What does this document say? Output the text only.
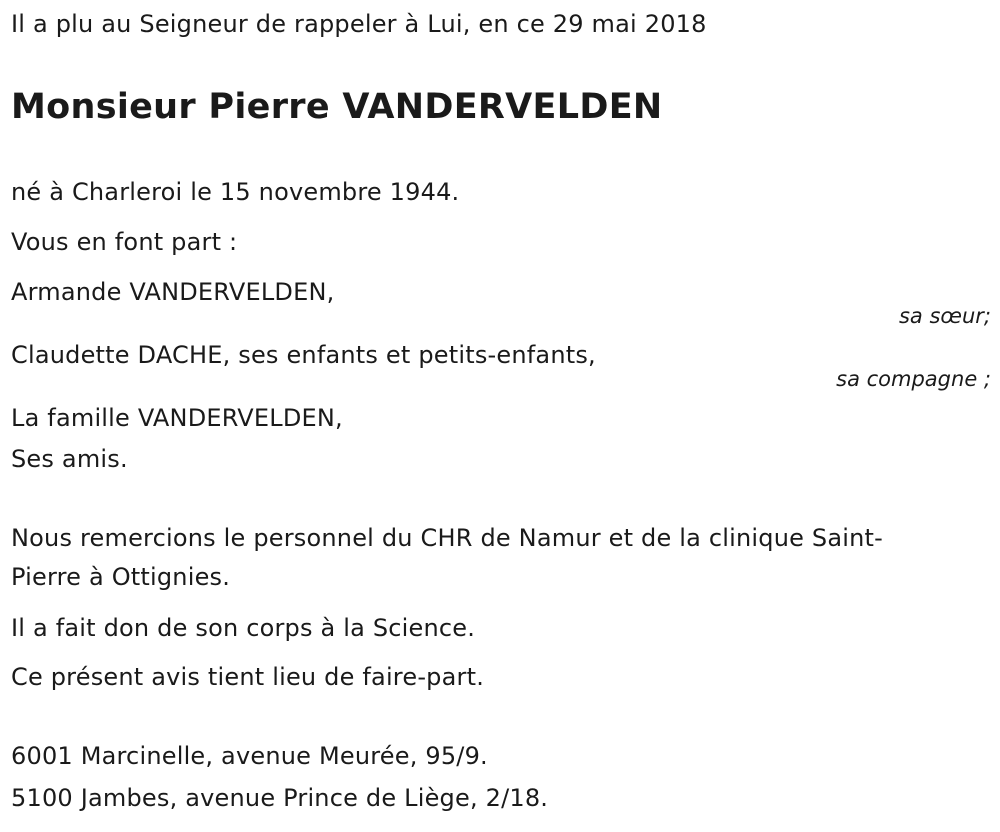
Il a plu au Seigneur de rappeler à Lui, en ce 29 mai 2018
Monsieur Pierre VANDERVELDEN
né à Charleroi le 15 novembre 1944.
Vous en font part :
Armande VANDERVELDEN,
sa sœur;
Claudette DACHE, ses enfants et petits-enfants,
sa compagne ;
La famille VANDERVELDEN,
Ses amis.
Nous remercions le personnel du CHR de Namur et de la clinique Saint-
Pierre à Ottignies.
Il a fait don de son corps à la Science.
Ce présent avis tient lieu de faire-part.
6001 Marcinelle, avenue Meurée, 95/9.
5100 Jambes, avenue Prince de Liège, 2/18.
